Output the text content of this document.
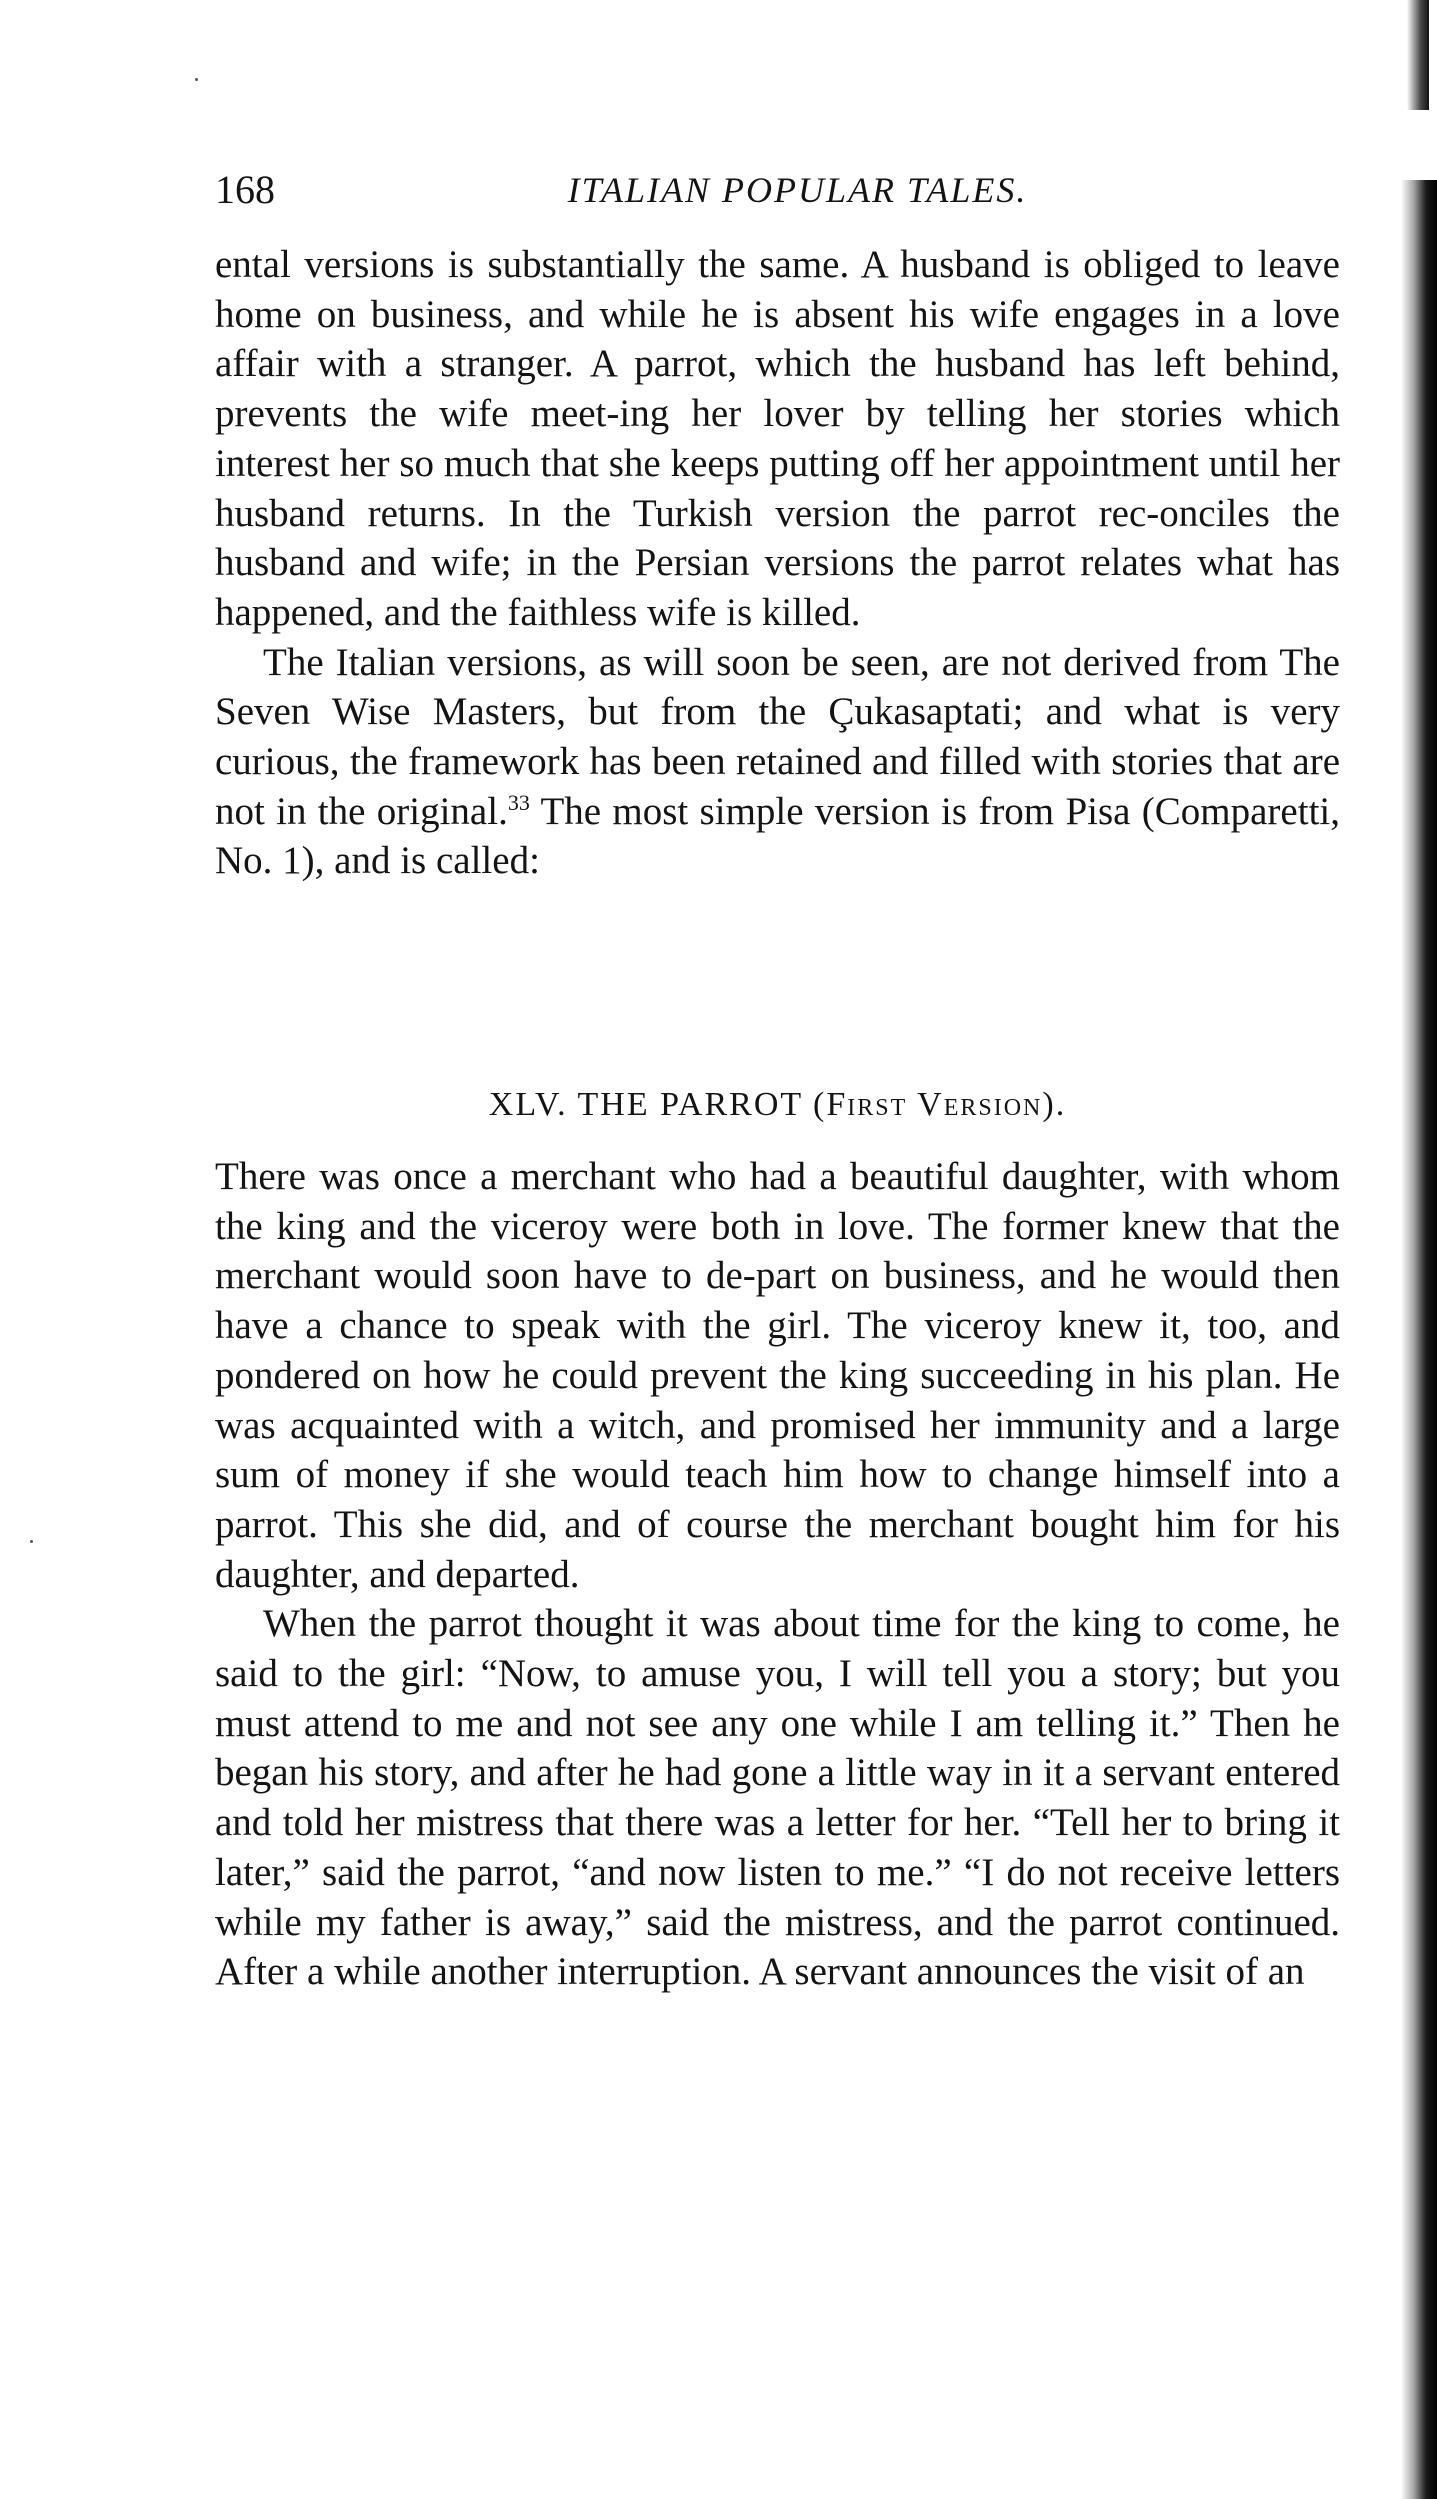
168	ITALIAN POPULAR TALES.

ental versions is substantially the same. A husband is obliged to leave home on business, and while he is absent his wife engages in a love affair with a stranger. A parrot, which the husband has left behind, prevents the wife meet-ing her lover by telling her stories which interest her so much that she keeps putting off her appointment until her husband returns. In the Turkish version the parrot rec-onciles the husband and wife; in the Persian versions the parrot relates what has happened, and the faithless wife is killed.

The Italian versions, as will soon be seen, are not derived from The Seven Wise Masters, but from the Çukasaptati; and what is very curious, the framework has been retained and filled with stories that are not in the original.$^{33}$ The most simple version is from Pisa (Comparetti, No. 1), and is called:

XLV. THE PARROT (First Version).

There was once a merchant who had a beautiful daughter, with whom the king and the viceroy were both in love. The former knew that the merchant would soon have to de-part on business, and he would then have a chance to speak with the girl. The viceroy knew it, too, and pondered on how he could prevent the king succeeding in his plan. He was acquainted with a witch, and promised her immunity and a large sum of money if she would teach him how to change himself into a parrot. This she did, and of course the merchant bought him for his daughter, and departed.

When the parrot thought it was about time for the king to come, he said to the girl: “Now, to amuse you, I will tell you a story; but you must attend to me and not see any one while I am telling it.” Then he began his story, and after he had gone a little way in it a servant entered and told her mistress that there was a letter for her. “Tell her to bring it later,” said the parrot, “and now listen to me.” “I do not receive letters while my father is away,” said the mistress, and the parrot continued. After a while another interruption. A servant announces the visit of an
